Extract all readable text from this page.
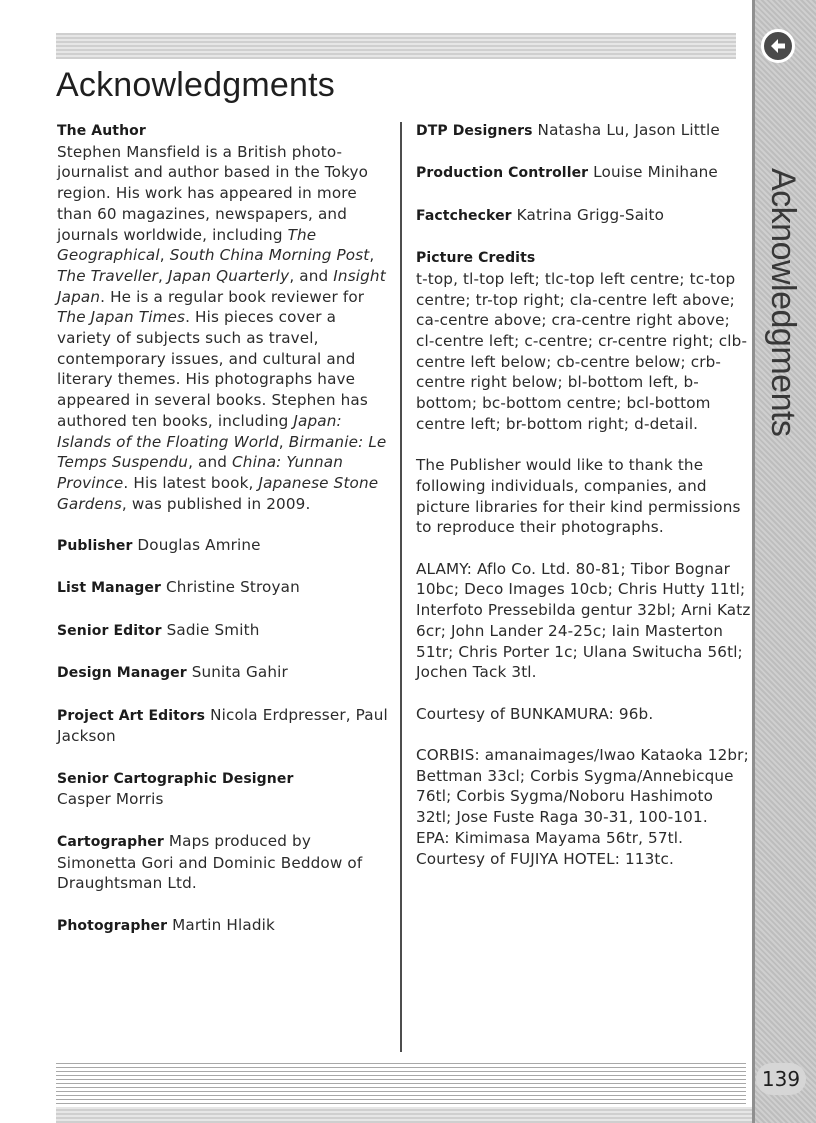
Acknowledgments
Acknowledgments

The Author
Stephen Mansfield is a British photo-journalist and author based in the Tokyo region. His work has appeared in more than 60 magazines, newspapers, and journals worldwide, including The Geographical, South China Morning Post, The Traveller, Japan Quarterly, and Insight Japan. He is a regular book reviewer for The Japan Times. His pieces cover a variety of subjects such as travel, contemporary issues, and cultural and literary themes. His photographs have appeared in several books. Stephen has authored ten books, including Japan: Islands of the Floating World, Birmanie: Le Temps Suspendu, and China: Yunnan Province. His latest book, Japanese Stone Gardens, was published in 2009.

Publisher Douglas Amrine

List Manager Christine Stroyan

Senior Editor Sadie Smith

Design Manager Sunita Gahir

Project Art Editors Nicola Erdpresser, Paul Jackson

Senior Cartographic Designer
Casper Morris

Cartographer Maps produced by Simonetta Gori and Dominic Beddow of Draughtsman Ltd.

Photographer Martin Hladik

DTP Designers Natasha Lu, Jason Little

Production Controller Louise Minihane

Factchecker Katrina Grigg-Saito

Picture Credits
t-top, tl-top left; tlc-top left centre; tc-top centre; tr-top right; cla-centre left above; ca-centre above; cra-centre right above; cl-centre left; c-centre; cr-centre right; clb-centre left below; cb-centre below; crb-centre right below; bl-bottom left, b-bottom; bc-bottom centre; bcl-bottom centre left; br-bottom right; d-detail.

The Publisher would like to thank the following individuals, companies, and picture libraries for their kind permissions to reproduce their photographs.

ALAMY: Aflo Co. Ltd. 80-81; Tibor Bognar 10bc; Deco Images 10cb; Chris Hutty 11tl; Interfoto Pressebilda gentur 32bl; Arni Katz 6cr; John Lander 24-25c; Iain Masterton 51tr; Chris Porter 1c; Ulana Switucha 56tl; Jochen Tack 3tl.

Courtesy of BUNKAMURA: 96b.

CORBIS: amanaimages/Iwao Kataoka 12br; Bettman 33cl; Corbis Sygma/Annebicque 76tl; Corbis Sygma/Noboru Hashimoto 32tl; Jose Fuste Raga 30-31, 100-101.

EPA: Kimimasa Mayama 56tr, 57tl.

Courtesy of FUJIYA HOTEL: 113tc.

139
